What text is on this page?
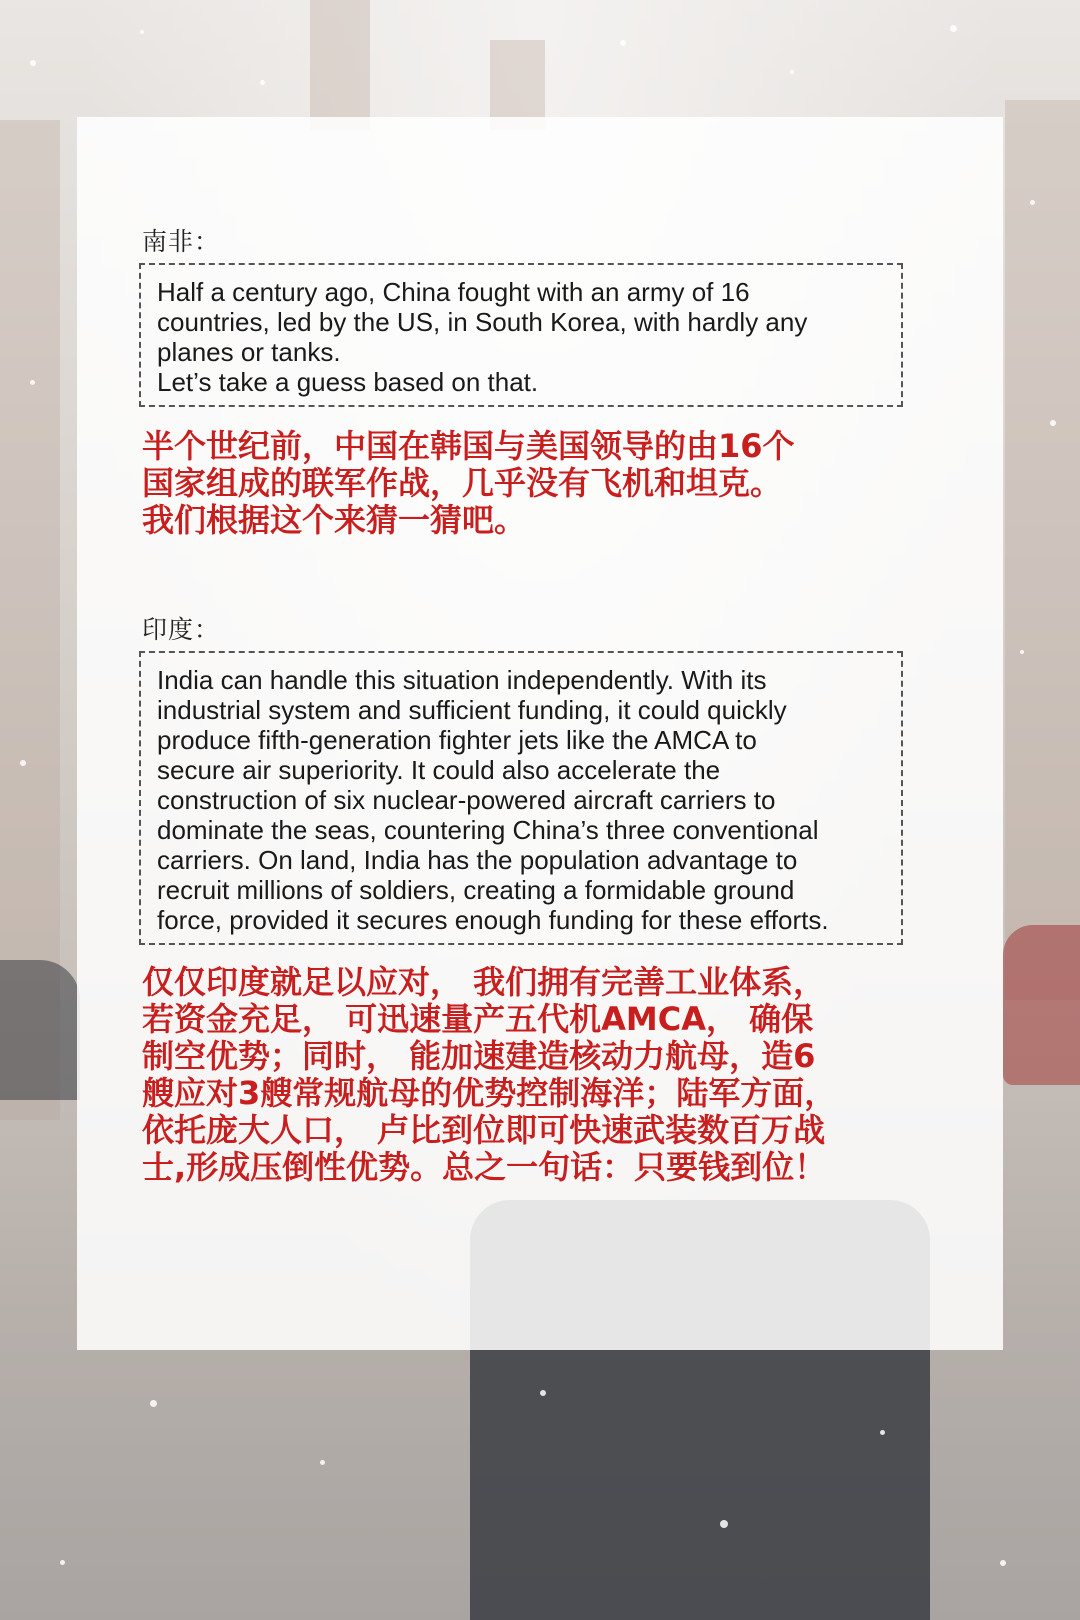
南非：
Half a century ago, China fought with an army of 16
countries, led by the US, in South Korea, with hardly any
planes or tanks.
Let’s take a guess based on that.
半个世纪前，中国在韩国与美国领导的由16个
国家组成的联军作战，几乎没有飞机和坦克。
我们根据这个来猜一猜吧。
印度：
India can handle this situation independently. With its
industrial system and sufficient funding, it could quickly
produce fifth-generation fighter jets like the AMCA to
secure air superiority. It could also accelerate the
construction of six nuclear-powered aircraft carriers to
dominate the seas, countering China’s three conventional
carriers. On land, India has the population advantage to
recruit millions of soldiers, creating a formidable ground
force, provided it secures enough funding for these efforts.
仅仅印度就足以应对， 我们拥有完善工业体系，
若资金充足， 可迅速量产五代机AMCA， 确保
制空优势；同时， 能加速建造核动力航母，造6
艘应对3艘常规航母的优势控制海洋；陆军方面，
依托庞大人口， 卢比到位即可快速武装数百万战
士,形成压倒性优势。总之一句话：只要钱到位！
